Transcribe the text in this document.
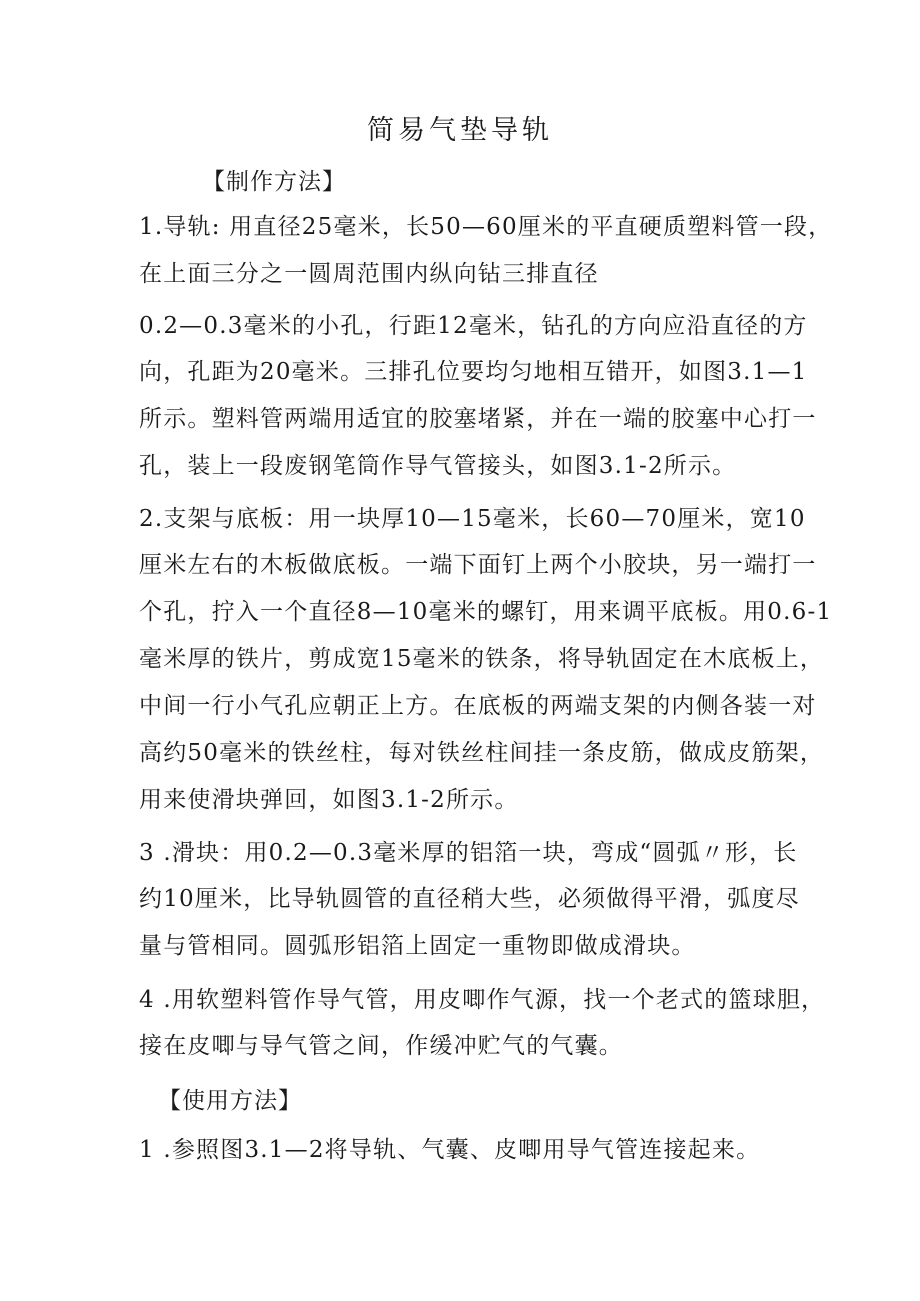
简易气垫导轨
【制作方法】
1.导轨: 用直径25毫米，长50—60厘米的平直硬质塑料管一段，
在上面三分之一圆周范围内纵向钻三排直径
0.2—0.3毫米的小孔，行距12毫米，钻孔的方向应沿直径的方
向，孔距为20毫米。三排孔位要均匀地相互错开，如图3.1—1
所示。塑料管两端用适宜的胶塞堵紧，并在一端的胶塞中心打一
孔，装上一段废钢笔筒作导气管接头，如图3.1-2所示。
2.支架与底板：用一块厚10—15毫米，长60—70厘米，宽10
厘米左右的木板做底板。一端下面钉上两个小胶块，另一端打一
个孔，拧入一个直径8—10毫米的螺钉，用来调平底板。用0.6-1
毫米厚的铁片，剪成宽15毫米的铁条，将导轨固定在木底板上，
中间一行小气孔应朝正上方。在底板的两端支架的内侧各装一对
高约50毫米的铁丝柱，每对铁丝柱间挂一条皮筋，做成皮筋架，
用来使滑块弹回，如图3.1-2所示。
3 .滑块：用0.2—0.3毫米厚的铝箔一块，弯成“圆弧〃形，长
约10厘米，比导轨圆管的直径稍大些，必须做得平滑，弧度尽
量与管相同。圆弧形铝箔上固定一重物即做成滑块。
4 .用软塑料管作导气管，用皮唧作气源，找一个老式的篮球胆，
接在皮唧与导气管之间，作缓冲贮气的气囊。
【使用方法】
1 .参照图3.1—2将导轨、气囊、皮唧用导气管连接起来。
